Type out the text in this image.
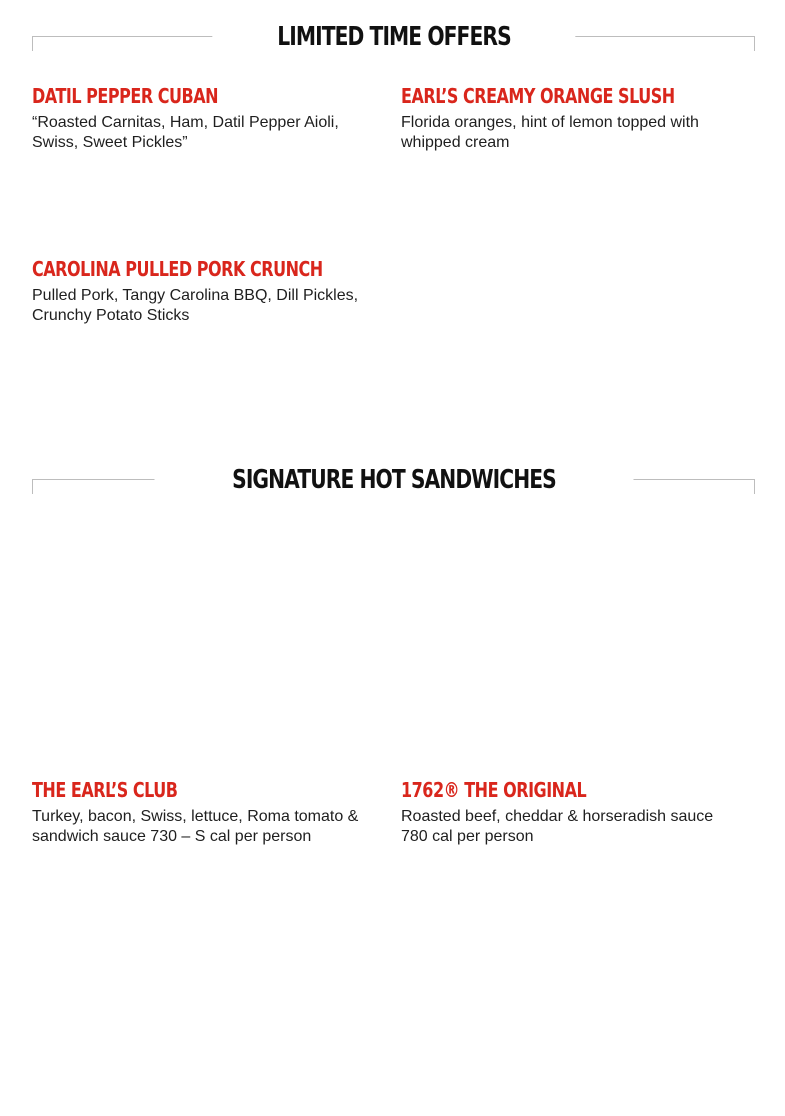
LIMITED TIME OFFERS
DATIL PEPPER CUBAN
“Roasted Carnitas, Ham, Datil Pepper Aioli, Swiss, Sweet Pickles”
EARL’S CREAMY ORANGE SLUSH
Florida oranges, hint of lemon topped with whipped cream
CAROLINA PULLED PORK CRUNCH
Pulled Pork, Tangy Carolina BBQ, Dill Pickles, Crunchy Potato Sticks
SIGNATURE HOT SANDWICHES
THE EARL’S CLUB
Turkey, bacon, Swiss, lettuce, Roma tomato & sandwich sauce 730 – S cal per person
1762® THE ORIGINAL
Roasted beef, cheddar & horseradish sauce
780 cal per person
